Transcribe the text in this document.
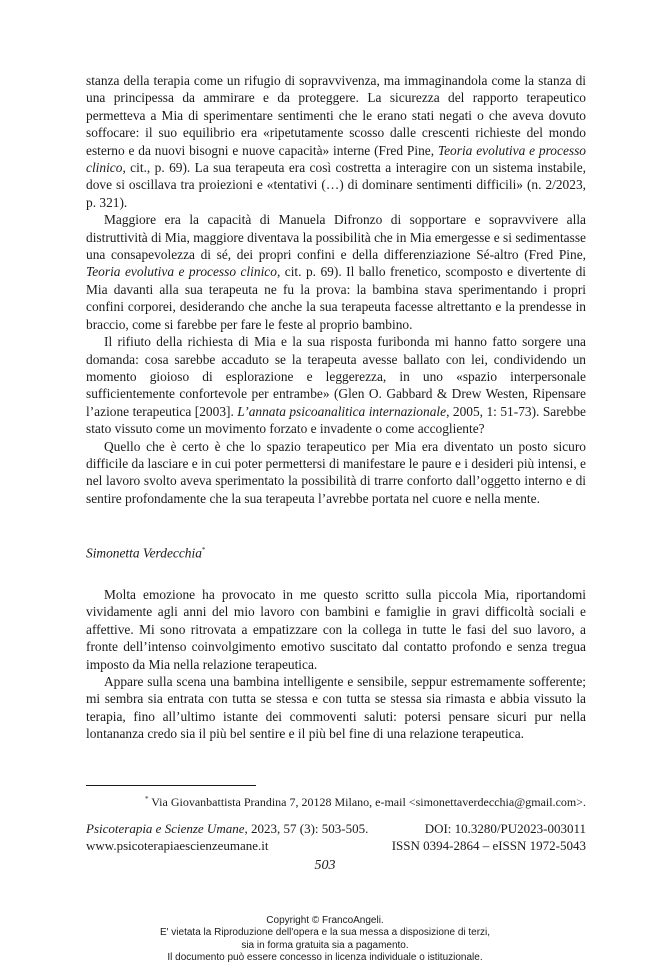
stanza della terapia come un rifugio di sopravvivenza, ma immaginandola come la stanza di una principessa da ammirare e da proteggere. La sicurezza del rapporto terapeutico permetteva a Mia di sperimentare sentimenti che le erano stati negati o che aveva dovuto soffocare: il suo equilibrio era «ripetutamente scosso dalle crescenti richieste del mondo esterno e da nuovi bisogni e nuove capacità» interne (Fred Pine, Teoria evolutiva e processo clinico, cit., p. 69). La sua terapeuta era così costretta a interagire con un sistema instabile, dove si oscillava tra proiezioni e «tentativi (…) di dominare sentimenti difficili» (n. 2/2023, p. 321).

Maggiore era la capacità di Manuela Difronzo di sopportare e sopravvivere alla distruttività di Mia, maggiore diventava la possibilità che in Mia emergesse e si sedimentasse una consapevolezza di sé, dei propri confini e della differenziazione Sé-altro (Fred Pine, Teoria evolutiva e processo clinico, cit. p. 69). Il ballo frenetico, scomposto e divertente di Mia davanti alla sua terapeuta ne fu la prova: la bambina stava sperimentando i propri confini corporei, desiderando che anche la sua terapeuta facesse altrettanto e la prendesse in braccio, come si farebbe per fare le feste al proprio bambino.

Il rifiuto della richiesta di Mia e la sua risposta furibonda mi hanno fatto sorgere una domanda: cosa sarebbe accaduto se la terapeuta avesse ballato con lei, condividendo un momento gioioso di esplorazione e leggerezza, in uno «spazio interpersonale sufficientemente confortevole per entrambe» (Glen O. Gabbard & Drew Westen, Ripensare l’azione terapeutica [2003]. L’annata psicoanalitica internazionale, 2005, 1: 51-73). Sarebbe stato vissuto come un movimento forzato e invadente o come accogliente?

Quello che è certo è che lo spazio terapeutico per Mia era diventato un posto sicuro difficile da lasciare e in cui poter permettersi di manifestare le paure e i desideri più intensi, e nel lavoro svolto aveva sperimentato la possibilità di trarre conforto dall’oggetto interno e di sentire profondamente che la sua terapeuta l’avrebbe portata nel cuore e nella mente.

Simonetta Verdecchia*

Molta emozione ha provocato in me questo scritto sulla piccola Mia, riportandomi vividamente agli anni del mio lavoro con bambini e famiglie in gravi difficoltà sociali e affettive. Mi sono ritrovata a empatizzare con la collega in tutte le fasi del suo lavoro, a fronte dell’intenso coinvolgimento emotivo suscitato dal contatto profondo e senza tregua imposto da Mia nella relazione terapeutica.

Appare sulla scena una bambina intelligente e sensibile, seppur estremamente sofferente; mi sembra sia entrata con tutta se stessa e con tutta se stessa sia rimasta e abbia vissuto la terapia, fino all’ultimo istante dei commoventi saluti: potersi pensare sicuri pur nella lontananza credo sia il più bel sentire e il più bel fine di una relazione terapeutica.

* Via Giovanbattista Prandina 7, 20128 Milano, e-mail <simonettaverdecchia@gmail.com>.
Psicoterapia e Scienze Umane, 2023, 57 (3): 503-505.	DOI: 10.3280/PU2023-003011
www.psicoterapiaescienzeumane.it	ISSN 0394-2864 – eISSN 1972-5043
503
Copyright © FrancoAngeli.
E' vietata la Riproduzione dell'opera e la sua messa a disposizione di terzi,
sia in forma gratuita sia a pagamento.
Il documento può essere concesso in licenza individuale o istituzionale.
